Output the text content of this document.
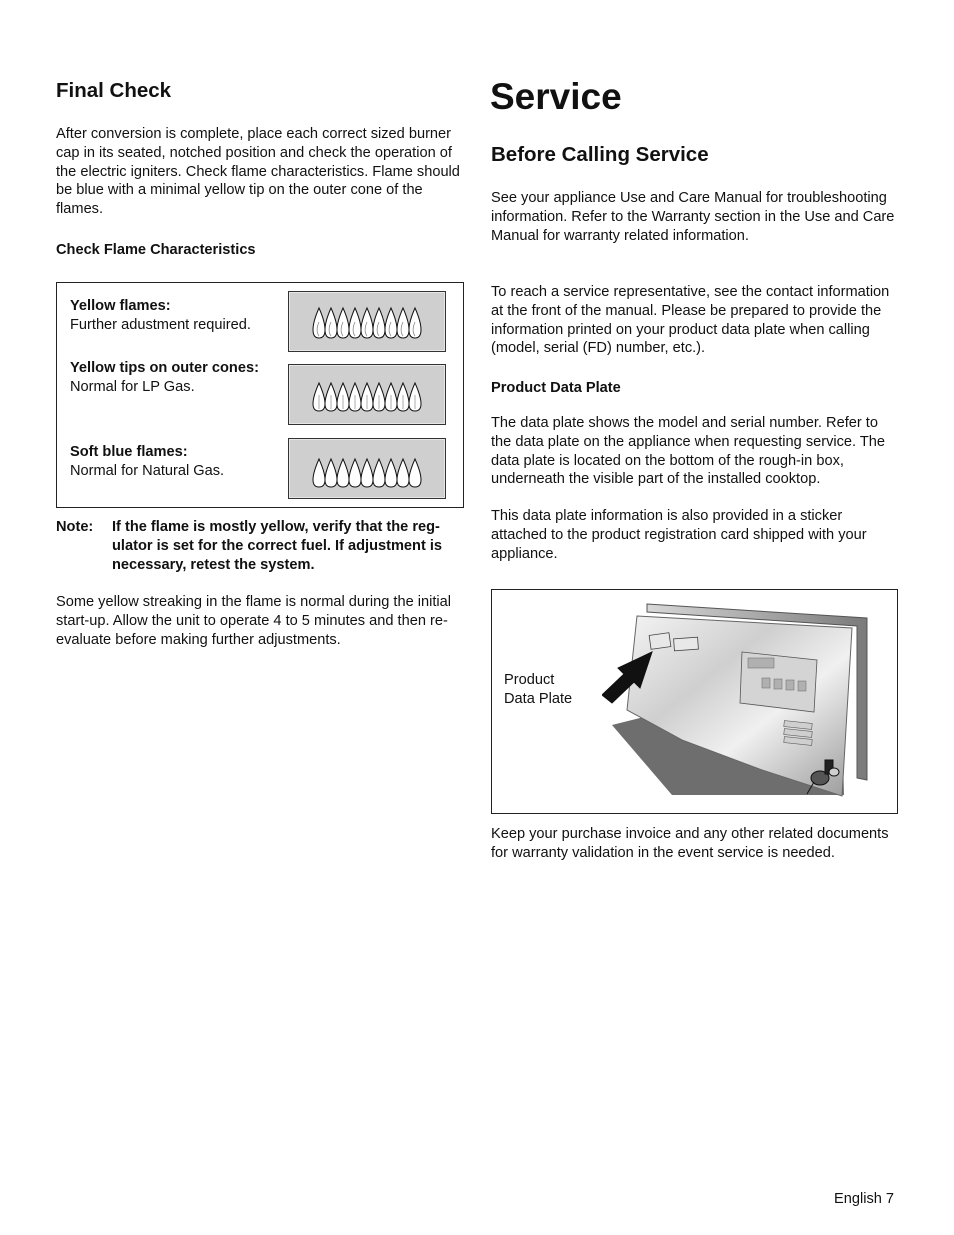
Final Check

After conversion is complete, place each correct sized burner cap in its seated, notched position and check the operation of the electric igniters. Check flame characteristics. Flame should be blue with a minimal yellow tip on the outer cone of the flames.

Check Flame Characteristics
Yellow flames:
Further adustment required.
Yellow tips on outer cones:
Normal for LP Gas.
Soft blue flames:
Normal for Natural Gas.
Note: If the flame is mostly yellow, verify that the reg-ulator is set for the correct fuel. If adjustment is necessary, retest the system.

Some yellow streaking in the flame is normal during the initial start-up. Allow the unit to operate 4 to 5 minutes and then re-evaluate before making further adjustments.

Service
Before Calling Service

See your appliance Use and Care Manual for troubleshooting information. Refer to the Warranty section in the Use and Care Manual for warranty related information.

To reach a service representative, see the contact information at the front of the manual. Please be prepared to provide the information printed on your product data plate when calling (model, serial (FD) number, etc.).

Product Data Plate

The data plate shows the model and serial number. Refer to the data plate on the appliance when requesting service. The data plate is located on the bottom of the rough-in box, underneath the visible part of the installed cooktop.

This data plate information is also provided in a sticker attached to the product registration card shipped with your appliance.

Product
Data Plate

Keep your purchase invoice and any other related documents for warranty validation in the event service is needed.

English 7
